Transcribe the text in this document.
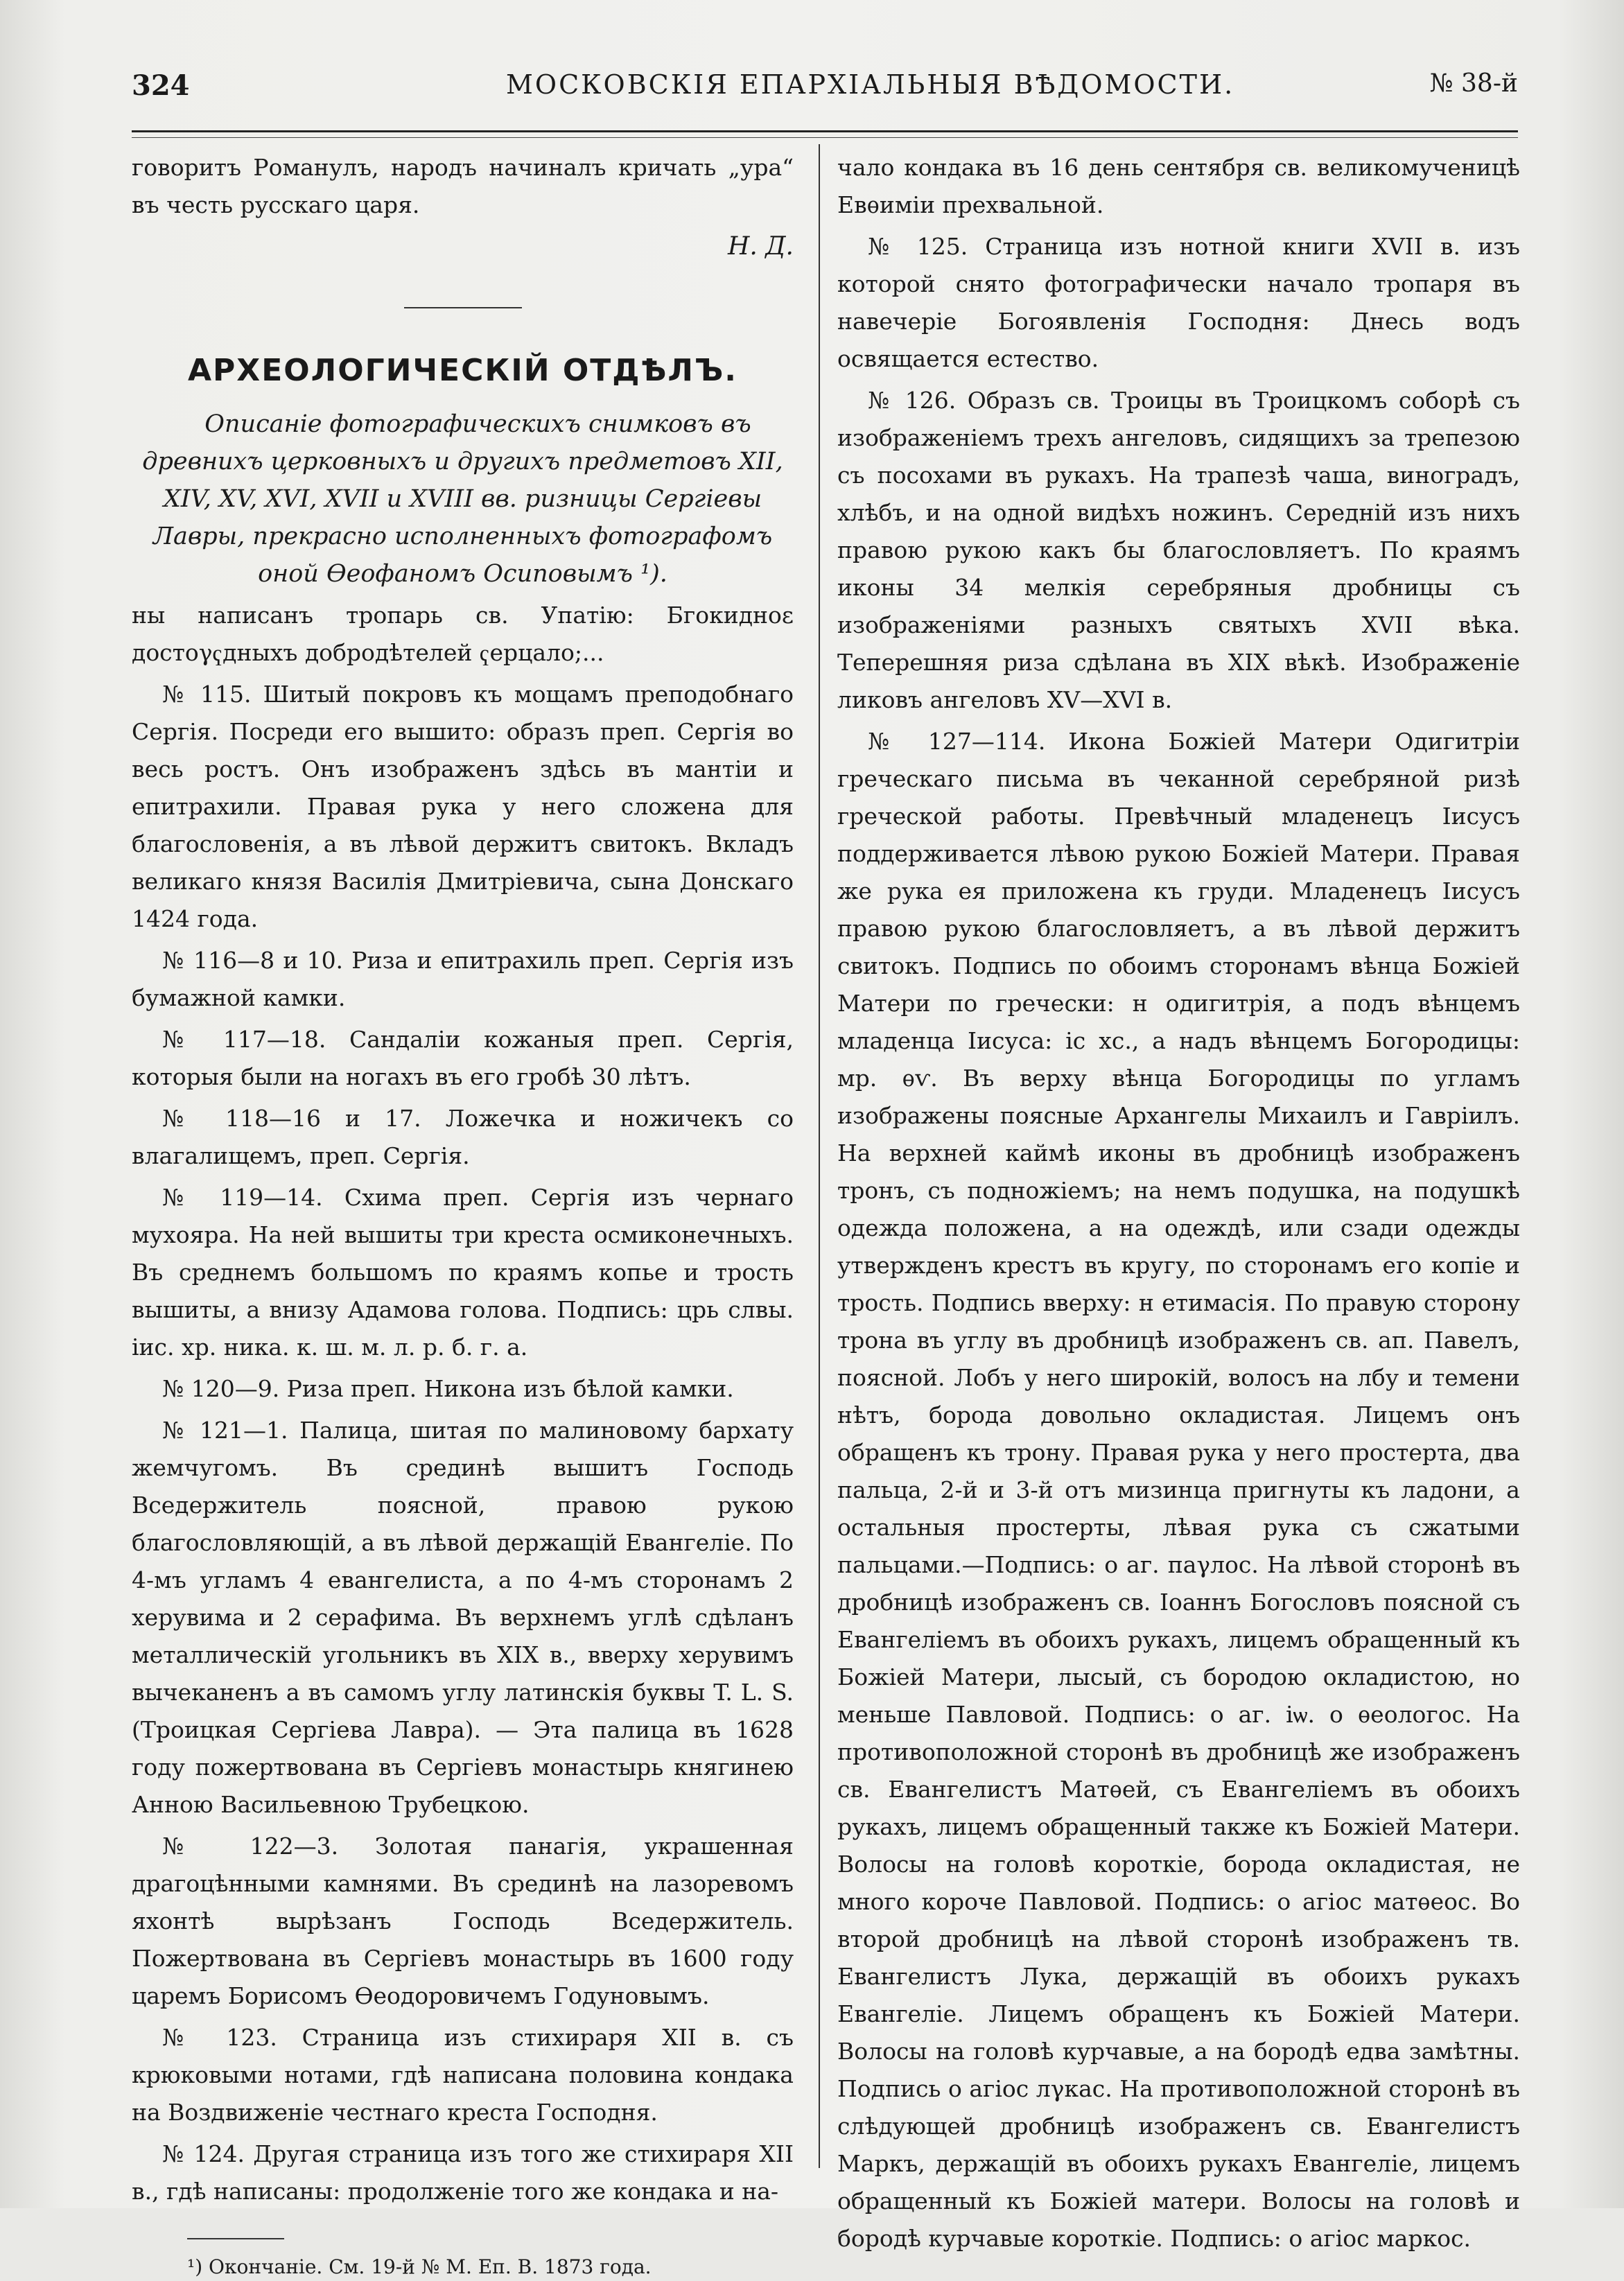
324	МОСКОВСКІЯ ЕПАРХІАЛЬНЫЯ ВѢДОМОСТИ.	№ 38-й

говоритъ Романулъ, народъ начиналъ кричать „ура“ въ честь русскаго царя.

Н. Д.

АРХЕОЛОГИЧЕСКІЙ ОТДѢЛЪ.

Описаніе фотографическихъ снимковъ въ древнихъ церковныхъ и другихъ предметовъ XII, XIV, XV, XVI, XVII и XVIII вв. ризницы Сергіевы Лавры, прекрасно исполненныхъ фотографомъ оной Ѳеофаномъ Осиповымъ ¹).

ны написанъ тропарь св. Упатію: Бгоκиднοε достоγҁдныхъ добродѣтелей ҁерцало;...

№ 115. Шитый покровъ къ мощамъ преподобнаго Сергія. Посреди его вышито: образъ преп. Сергія во весь ростъ. Онъ изображенъ здѣсь въ мантіи и епитрахили. Правая рука у него сложена для благословенія, а въ лѣвой держитъ свитокъ. Вкладъ великаго князя Василія Дмитріевича, сына Донскаго 1424 года.

№ 116—8 и 10. Риза и епитрахиль преп. Сергія изъ бумажной камки.

№ 117—18. Сандаліи кожаныя преп. Сергія, которыя были на ногахъ въ его гробѣ 30 лѣтъ.

№ 118—16 и 17. Ложечка и ножичекъ со влагалищемъ, преп. Сергія.

№ 119—14. Схима преп. Сергія изъ чернаго мухояра. На ней вышиты три креста осмиконечныхъ. Въ среднемъ большомъ по краямъ копье и трость вышиты, а внизу Адамова голова. Подпись: црь слвы. іис. хр. ника. к. ш. м. л. р. б. г. а.

№ 120—9. Риза преп. Никона изъ бѣлой камки.

№ 121—1. Палица, шитая по малиновому бархату жемчугомъ. Въ срединѣ вышитъ Господь Вседержитель поясной, правою рукою благословляющій, а въ лѣвой держащій Евангеліе. По 4-мъ угламъ 4 евангелиста, а по 4-мъ сторонамъ 2 херувима и 2 серафима. Въ верхнемъ углѣ сдѣланъ металлическій угольникъ въ XIX в., вверху херувимъ вычеканенъ а въ самомъ углу латинскія буквы T. L. S. (Троицкая Сергіева Лавра). — Эта палица въ 1628 году пожертвована въ Сергіевъ монастырь княгинею Анною Васильевною Трубецкою.

№ 122—3. Золотая панагія, украшенная драгоцѣнными камнями. Въ срединѣ на лазоревомъ яхонтѣ вырѣзанъ Господь Вседержитель. Пожертвована въ Сергіевъ монастырь въ 1600 году царемъ Борисомъ Ѳеодоровичемъ Годуновымъ.

№ 123. Страница изъ стихираря XII в. съ крюковыми нотами, гдѣ написана половина кондака на Воздвиженіе честнаго креста Господня.

№ 124. Другая страница изъ того же стихираря XII в., гдѣ написаны: продолженіе того же кондака и на-

¹) Окончаніе. См. 19-й № М. Еп. В. 1873 года.

чало кондака въ 16 день сентября св. великомученицѣ Евѳиміи прехвальной.

№ 125. Страница изъ нотной книги XVII в. изъ которой снято фотографически начало тропаря въ навечеріе Богоявленія Господня: Днесь водъ освящается естество.

№ 126. Образъ св. Троицы въ Троицкомъ соборѣ съ изображеніемъ трехъ ангеловъ, сидящихъ за трепезою съ посохами въ рукахъ. На трапезѣ чаша, виноградъ, хлѣбъ, и на одной видѣхъ ножинъ. Середній изъ нихъ правою рукою какъ бы благословляетъ. По краямъ иконы 34 мелкія серебряныя дробницы съ изображеніями разныхъ святыхъ XVII вѣка. Теперешняя риза сдѣлана въ XIX вѣкѣ. Изображеніе ликовъ ангеловъ XV—XVI в.

№ 127—114. Икона Божіей Матери Одигитріи греческаго письма въ чеканной серебряной ризѣ греческой работы. Превѣчный младенецъ Іисусъ поддерживается лѣвою рукою Божіей Матери. Правая же рука ея приложена къ груди. Младенецъ Іисусъ правою рукою благословляетъ, а въ лѣвой держитъ свитокъ. Подпись по обоимъ сторонамъ вѣнца Божіей Матери по гречески: н одигитрія, а подъ вѣнцемъ младенца Іисуса: іс хс., а надъ вѣнцемъ Богородицы: мр. ѳѵ. Въ верху вѣнца Богородицы по угламъ изображены поясные Архангелы Михаилъ и Гавріилъ. На верхней каймѣ иконы въ дробницѣ изображенъ тронъ, съ подножіемъ; на немъ подушка, на подушкѣ одежда положена, а на одеждѣ, или сзади одежды утвержденъ крестъ въ кругу, по сторонамъ его копіе и трость. Подпись вверху: н етимасія. По правую сторону трона въ углу въ дробницѣ изображенъ св. ап. Павелъ, поясной. Лобъ у него широкій, волосъ на лбу и темени нѣтъ, борода довольно окладистая. Лицемъ онъ обращенъ къ трону. Правая рука у него простерта, два пальца, 2-й и 3-й отъ мизинца пригнуты къ ладони, а остальныя простерты, лѣвая рука съ сжатыми пальцами.—Подпись: о аг. паγлос. На лѣвой сторонѣ въ дробницѣ изображенъ св. Іоаннъ Богословъ поясной съ Евангеліемъ въ обоихъ рукахъ, лицемъ обращенный къ Божіей Матери, лысый, съ бородою окладистою, но меньше Павловой. Подпись: о аг. іѡ. о ѳеологос. На противоположной сторонѣ въ дробницѣ же изображенъ св. Евангелистъ Матѳей, съ Евангеліемъ въ обоихъ рукахъ, лицемъ обращенный также къ Божіей Матери. Волосы на головѣ короткіе, борода окладистая, не много короче Павловой. Подпись: о агіос матѳеос. Во второй дробницѣ на лѣвой сторонѣ изображенъ тв. Евангелистъ Лука, держащій въ обоихъ рукахъ Евангеліе. Лицемъ обращенъ къ Божіей Матери. Волосы на головѣ курчавые, а на бородѣ едва замѣтны. Подпись о агіос лγкас. На противоположной сторонѣ въ слѣдующей дробницѣ изображенъ св. Евангелистъ Маркъ, держащій въ обоихъ рукахъ Евангеліе, лицемъ обращенный къ Божіей матери. Волосы на головѣ и бородѣ курчавые короткіе. Подпись: о агіос маркос.
